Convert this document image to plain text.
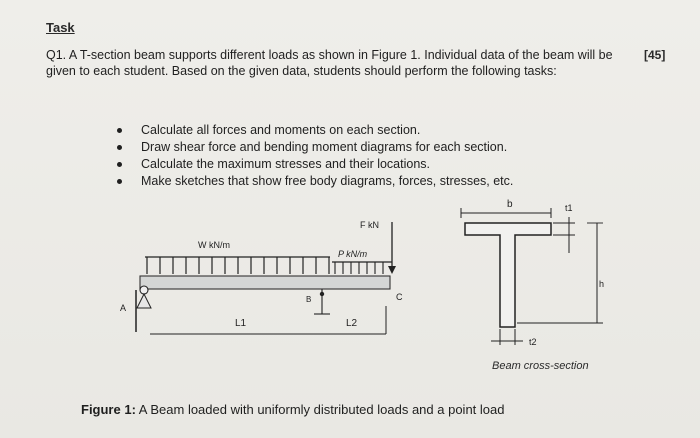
Task
[45]
Q1. A T-section beam supports different loads as shown in Figure 1. Individual data of the beam will be given to each student. Based on the given data, students should perform the following tasks:
Calculate all forces and moments on each section.
Draw shear force and bending moment diagrams for each section.
Calculate the maximum stresses and their locations.
Make sketches that show free body diagrams, forces, stresses, etc.
W kN/m
P kN/m
F kN
A
B	C
L1	L2
b	t1
h
t2
Beam cross-section
Figure 1: A Beam loaded with uniformly distributed loads and a point load
